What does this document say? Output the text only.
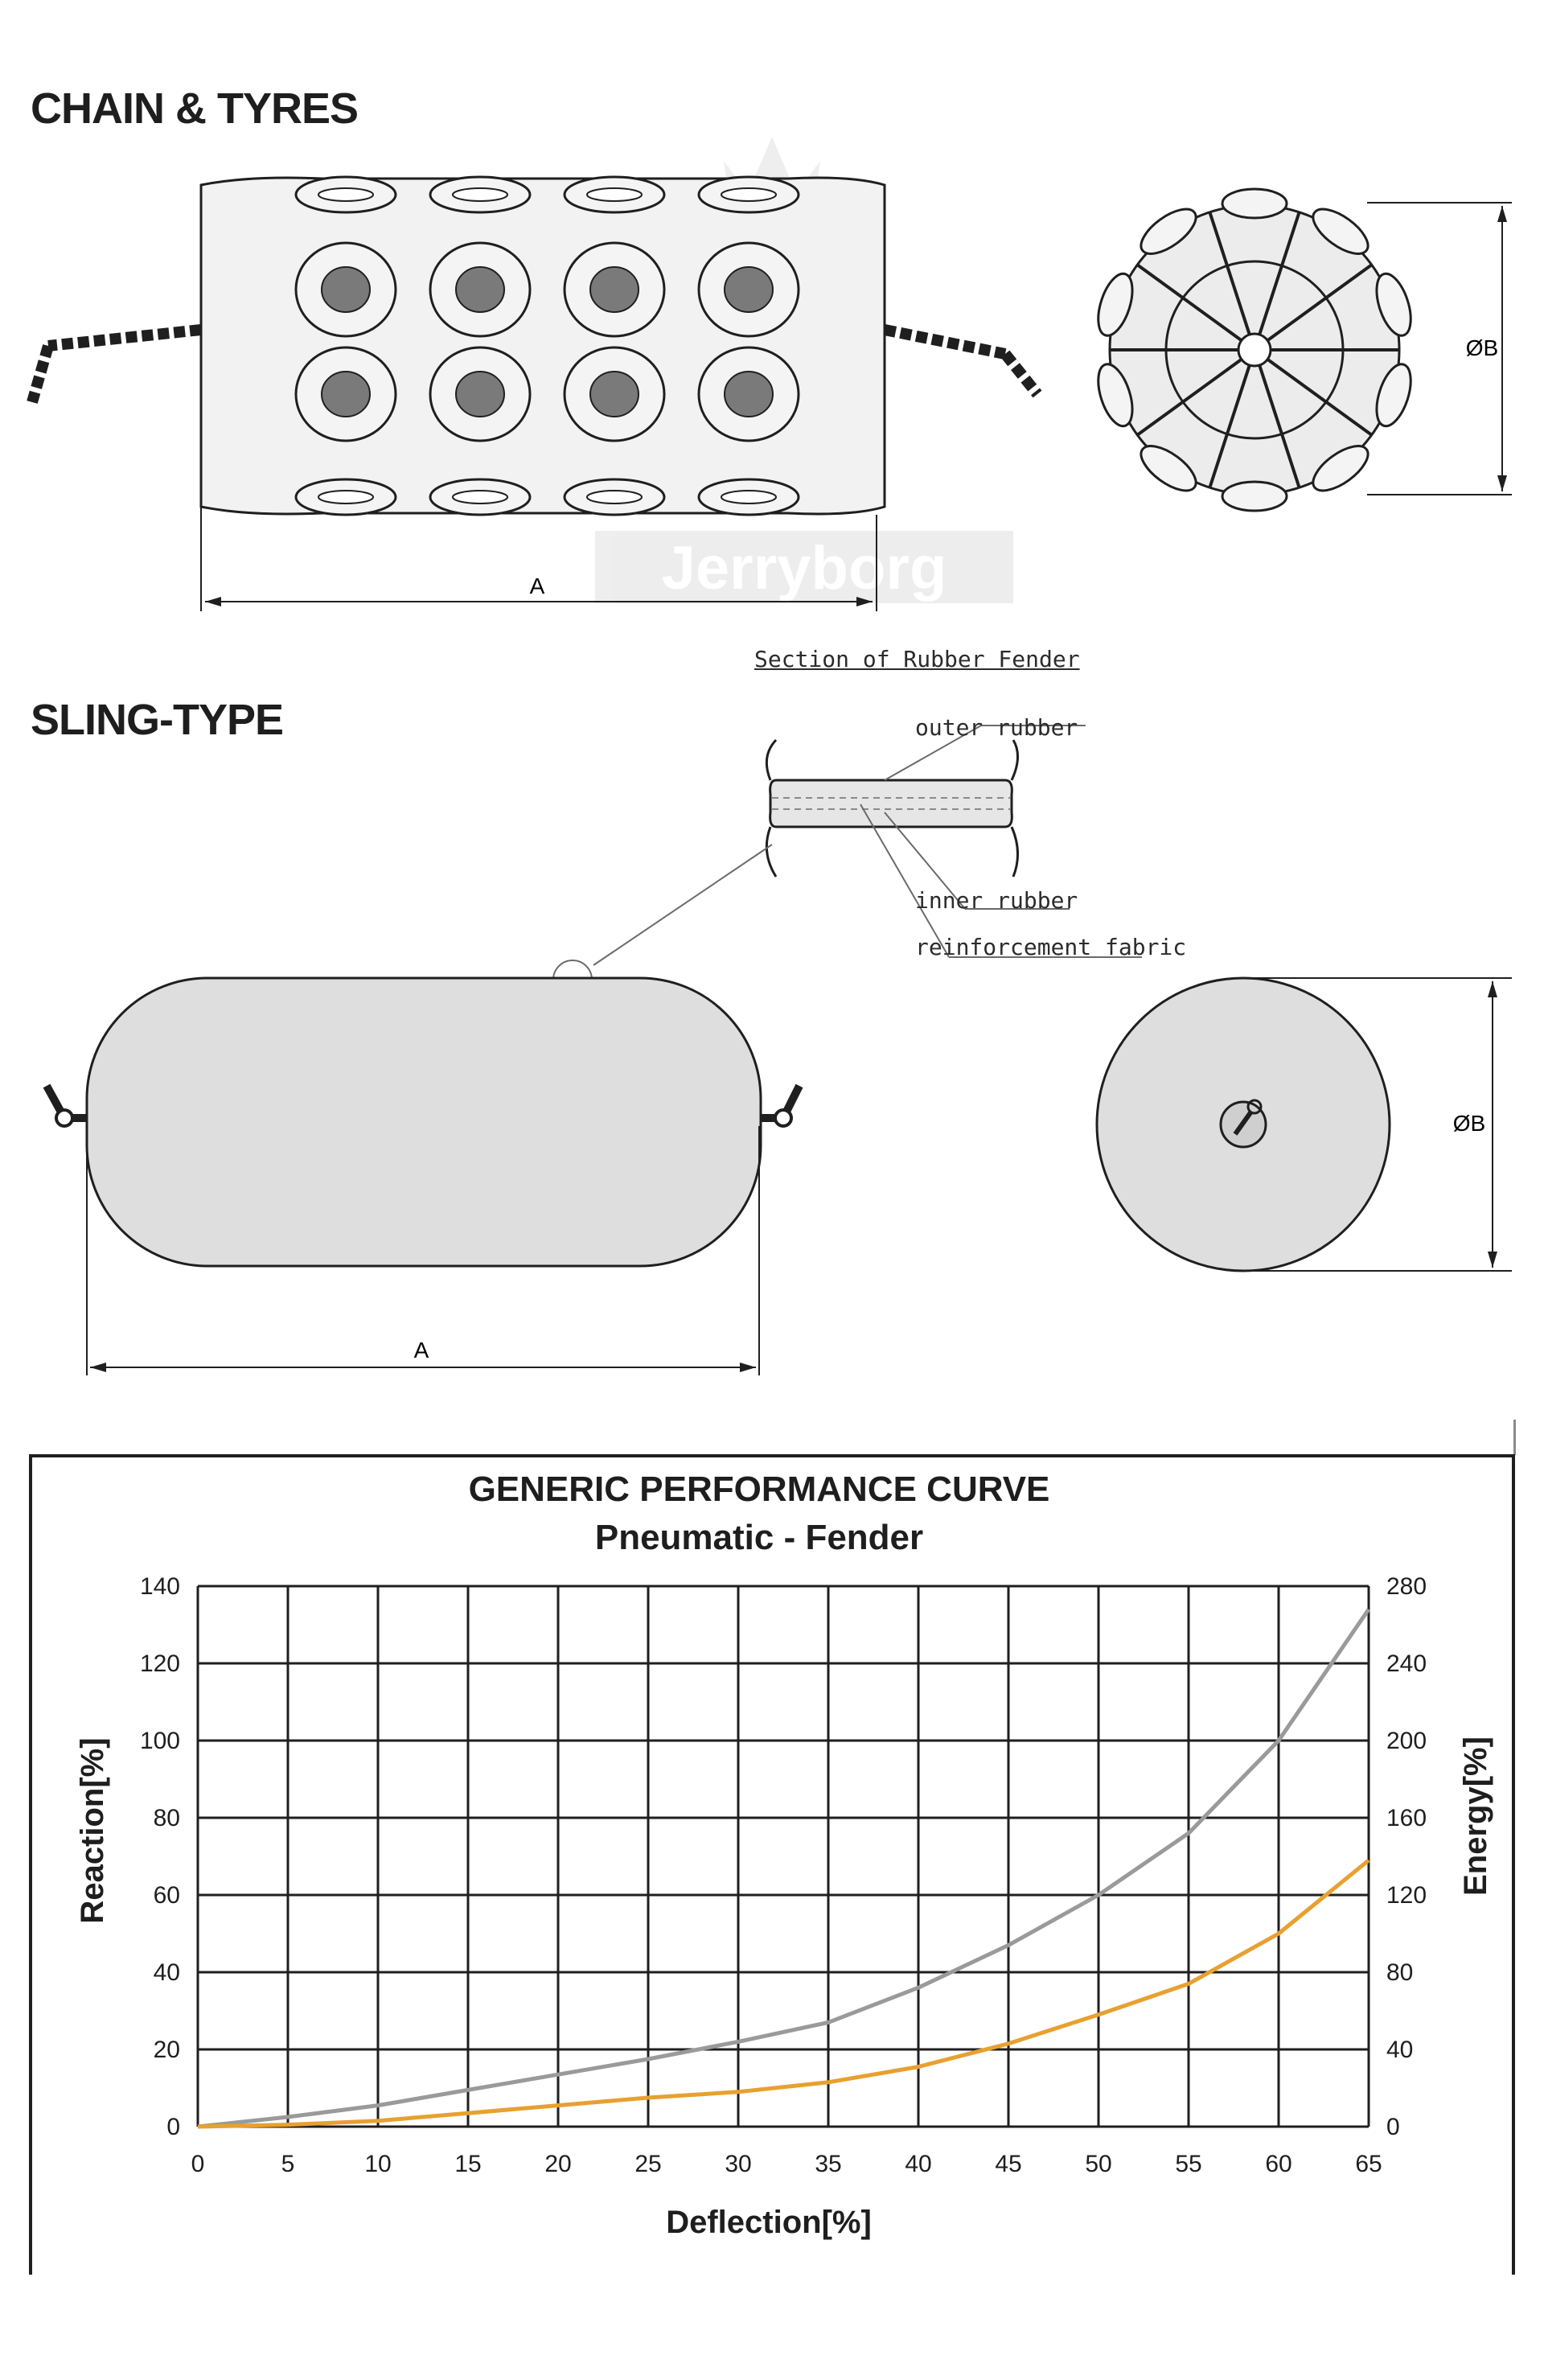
CHAIN & TYRES
Jerryborg
A
ØB
Section of Rubber Fender
outer rubber
inner rubber
reinforcement fabric
SLING-TYPE
A
ØB
GENERIC PERFORMANCE CURVE
Pneumatic - Fender
0	5	10	15	20	25	30	35	40	45	50	55	60	65
0
20
40
60
80
100
120
140
0
40
80
120
160
200
240
280
Deflection[%]
Reaction[%]	Energy[%]
